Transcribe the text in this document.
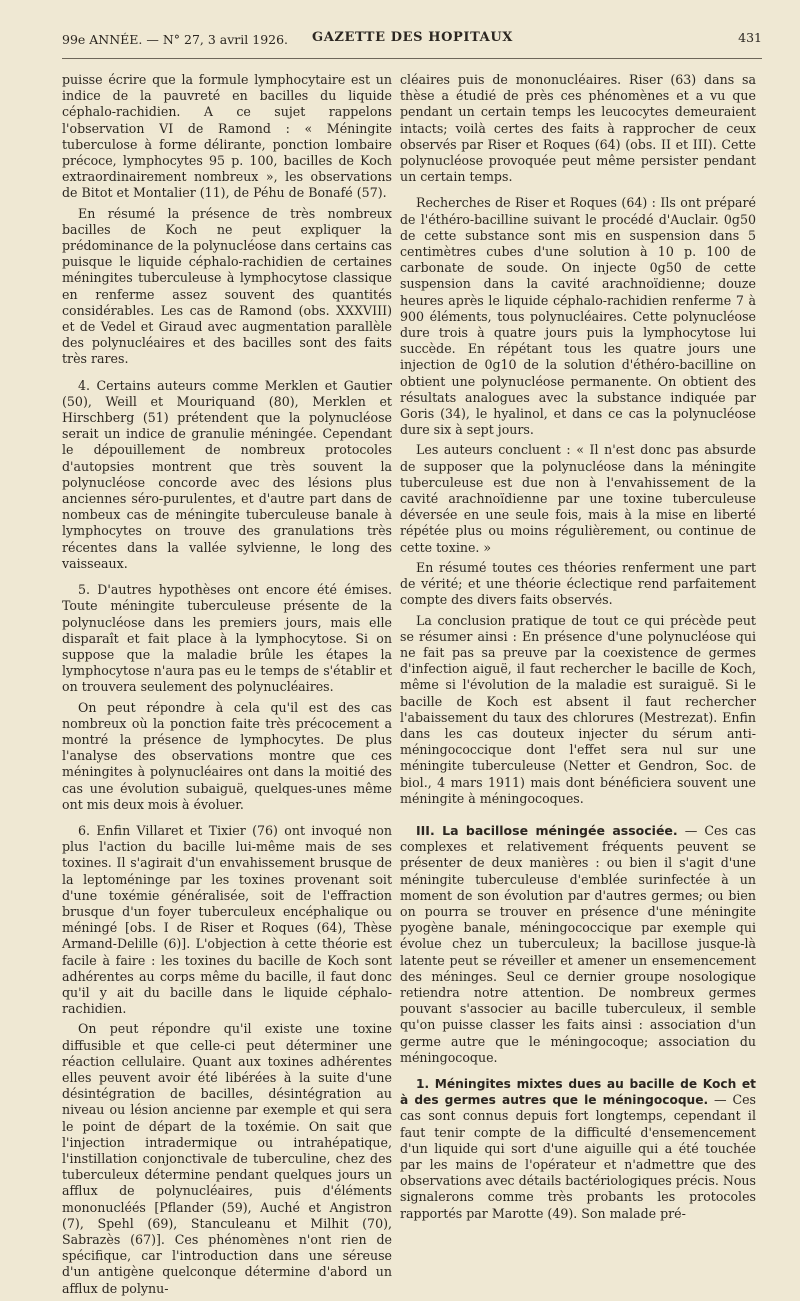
99e ANNÉE. — N° 27, 3 avril 1926. GAZETTE DES HOPITAUX	431

puisse écrire que la formule lymphocytaire est un indice de la pauvreté en bacilles du liquide céphalo-rachidien. A ce sujet rappelons l'observation VI de Ramond : « Méningite tuberculose à forme délirante, ponction lombaire précoce, lymphocytes 95 p. 100, bacilles de Koch extraordinairement nombreux », les observations de Bitot et Montalier (11), de Péhu de Bonafé (57).

En résumé la présence de très nombreux bacilles de Koch ne peut expliquer la prédominance de la polynucléose dans certains cas puisque le liquide céphalo-rachidien de certaines méningites tuberculeuse à lymphocytose classique en renferme assez souvent des quantités considérables. Les cas de Ramond (obs. XXXVIII) et de Vedel et Giraud avec augmentation parallèle des polynucléaires et des bacilles sont des faits très rares.

4. Certains auteurs comme Merklen et Gautier (50), Weill et Mouriquand (80), Merklen et Hirschberg (51) prétendent que la polynucléose serait un indice de granulie méningée. Cependant le dépouillement de nombreux protocoles d'autopsies montrent que très souvent la polynucléose concorde avec des lésions plus anciennes séro-purulentes, et d'autre part dans de nombeux cas de méningite tuberculeuse banale à lymphocytes on trouve des granulations très récentes dans la vallée sylvienne, le long des vaisseaux.

5. D'autres hypothèses ont encore été émises. Toute méningite tuberculeuse présente de la polynucléose dans les premiers jours, mais elle disparaît et fait place à la lymphocytose. Si on suppose que la maladie brûle les étapes la lymphocytose n'aura pas eu le temps de s'établir et on trouvera seulement des polynucléaires.

On peut répondre à cela qu'il est des cas nombreux où la ponction faite très précocement a montré la présence de lymphocytes. De plus l'analyse des observations montre que ces méningites à polynucléaires ont dans la moitié des cas une évolution subaiguë, quelques-unes même ont mis deux mois à évoluer.

6. Enfin Villaret et Tixier (76) ont invoqué non plus l'action du bacille lui-même mais de ses toxines. Il s'agirait d'un envahissement brusque de la leptoméninge par les toxines provenant soit d'une toxémie généralisée, soit de l'effraction brusque d'un foyer tuberculeux encéphalique ou méningé [obs. I de Riser et Roques (64), Thèse Armand-Delille (6)]. L'objection à cette théorie est facile à faire : les toxines du bacille de Koch sont adhérentes au corps même du bacille, il faut donc qu'il y ait du bacille dans le liquide céphalo-rachidien.

On peut répondre qu'il existe une toxine diffusible et que celle-ci peut déterminer une réaction cellulaire. Quant aux toxines adhérentes elles peuvent avoir été libérées à la suite d'une désintégration de bacilles, désintégration au niveau ou lésion ancienne par exemple et qui sera le point de départ de la toxémie. On sait que l'injection intradermique ou intrahépatique, l'instillation conjonctivale de tuberculine, chez des tuberculeux détermine pendant quelques jours un afflux de polynucléaires, puis d'éléments mononucléés [Pflander (59), Auché et Angistron (7), Spehl (69), Stanculeanu et Milhit (70), Sabrazès (67)]. Ces phénomènes n'ont rien de spécifique, car l'introduction dans une séreuse d'un antigène quelconque détermine d'abord un afflux de polynu-

cléaires puis de mononucléaires. Riser (63) dans sa thèse a étudié de près ces phénomènes et a vu que pendant un certain temps les leucocytes demeuraient intacts; voilà certes des faits à rapprocher de ceux observés par Riser et Roques (64) (obs. II et III). Cette polynucléose provoquée peut même persister pendant un certain temps.

Recherches de Riser et Roques (64) : Ils ont préparé de l'éthéro-bacilline suivant le procédé d'Auclair. 0g50 de cette substance sont mis en suspension dans 5 centimètres cubes d'une solution à 10 p. 100 de carbonate de soude. On injecte 0g50 de cette suspension dans la cavité arachnoïdienne; douze heures après le liquide céphalo-rachidien renferme 7 à 900 éléments, tous polynucléaires. Cette polynucléose dure trois à quatre jours puis la lymphocytose lui succède. En répétant tous les quatre jours une injection de 0g10 de la solution d'éthéro-bacilline on obtient une polynucléose permanente. On obtient des résultats analogues avec la substance indiquée par Goris (34), le hyalinol, et dans ce cas la polynucléose dure six à sept jours.

Les auteurs concluent : « Il n'est donc pas absurde de supposer que la polynucléose dans la méningite tuberculeuse est due non à l'envahissement de la cavité arachnoïdienne par une toxine tuberculeuse déversée en une seule fois, mais à la mise en liberté répétée plus ou moins régulièrement, ou continue de cette toxine. »

En résumé toutes ces théories renferment une part de vérité; et une théorie éclectique rend parfaitement compte des divers faits observés.

La conclusion pratique de tout ce qui précède peut se résumer ainsi : En présence d'une polynucléose qui ne fait pas sa preuve par la coexistence de germes d'infection aiguë, il faut rechercher le bacille de Koch, même si l'évolution de la maladie est suraiguë. Si le bacille de Koch est absent il faut rechercher l'abaissement du taux des chlorures (Mestrezat). Enfin dans les cas douteux injecter du sérum anti-méningococcique dont l'effet sera nul sur une méningite tuberculeuse (Netter et Gendron, Soc. de biol., 4 mars 1911) mais dont bénéficiera souvent une méningite à méningocoques.

III. La bacillose méningée associée. — Ces cas complexes et relativement fréquents peuvent se présenter de deux manières : ou bien il s'agit d'une méningite tuberculeuse d'emblée surinfectée à un moment de son évolution par d'autres germes; ou bien on pourra se trouver en présence d'une méningite pyogène banale, méningococcique par exemple qui évolue chez un tuberculeux; la bacillose jusque-là latente peut se réveiller et amener un ensemencement des méninges. Seul ce dernier groupe nosologique retiendra notre attention. De nombreux germes pouvant s'associer au bacille tuberculeux, il semble qu'on puisse classer les faits ainsi : association d'un germe autre que le méningocoque; association du méningocoque.

1. Méningites mixtes dues au bacille de Koch et à des germes autres que le méningocoque. — Ces cas sont connus depuis fort longtemps, cependant il faut tenir compte de la difficulté d'ensemencement d'un liquide qui sort d'une aiguille qui a été touchée par les mains de l'opérateur et n'admettre que des observations avec détails bactériologiques précis. Nous signalerons comme très probants les protocoles rapportés par Marotte (49). Son malade pré-
